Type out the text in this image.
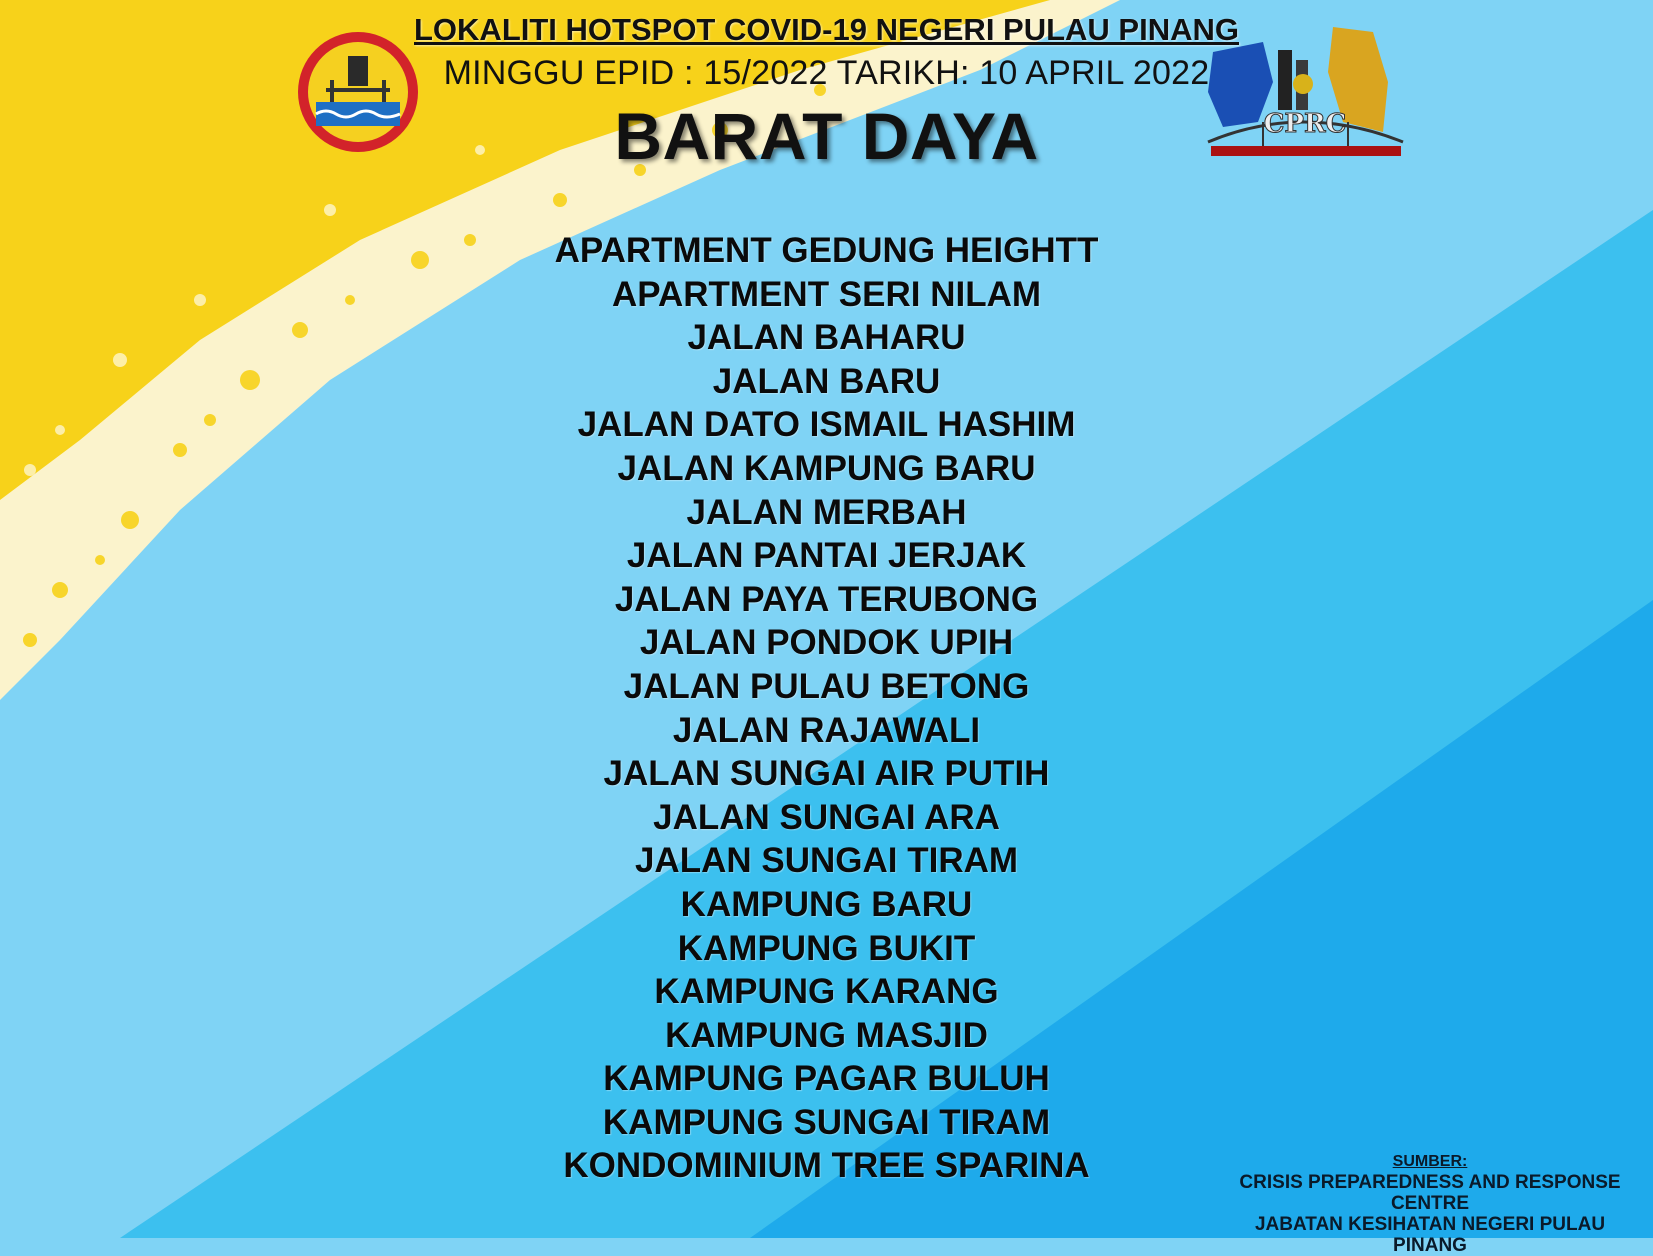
CPRC
LOKALITI HOTSPOT COVID-19 NEGERI PULAU PINANG
MINGGU EPID : 15/2022 TARIKH: 10 APRIL 2022
BARAT DAYA
APARTMENT GEDUNG HEIGHTT
APARTMENT SERI NILAM
JALAN BAHARU
JALAN BARU
JALAN DATO ISMAIL HASHIM
JALAN KAMPUNG BARU
JALAN MERBAH
JALAN PANTAI JERJAK
JALAN PAYA TERUBONG
JALAN PONDOK UPIH
JALAN PULAU BETONG
JALAN RAJAWALI
JALAN SUNGAI AIR PUTIH
JALAN SUNGAI ARA
JALAN SUNGAI TIRAM
KAMPUNG BARU
KAMPUNG BUKIT
KAMPUNG KARANG
KAMPUNG MASJID
KAMPUNG PAGAR BULUH
KAMPUNG SUNGAI TIRAM
KONDOMINIUM TREE SPARINA	SUMBER:
CRISIS PREPAREDNESS AND RESPONSE
CENTRE
JABATAN KESIHATAN NEGERI PULAU PINANG
